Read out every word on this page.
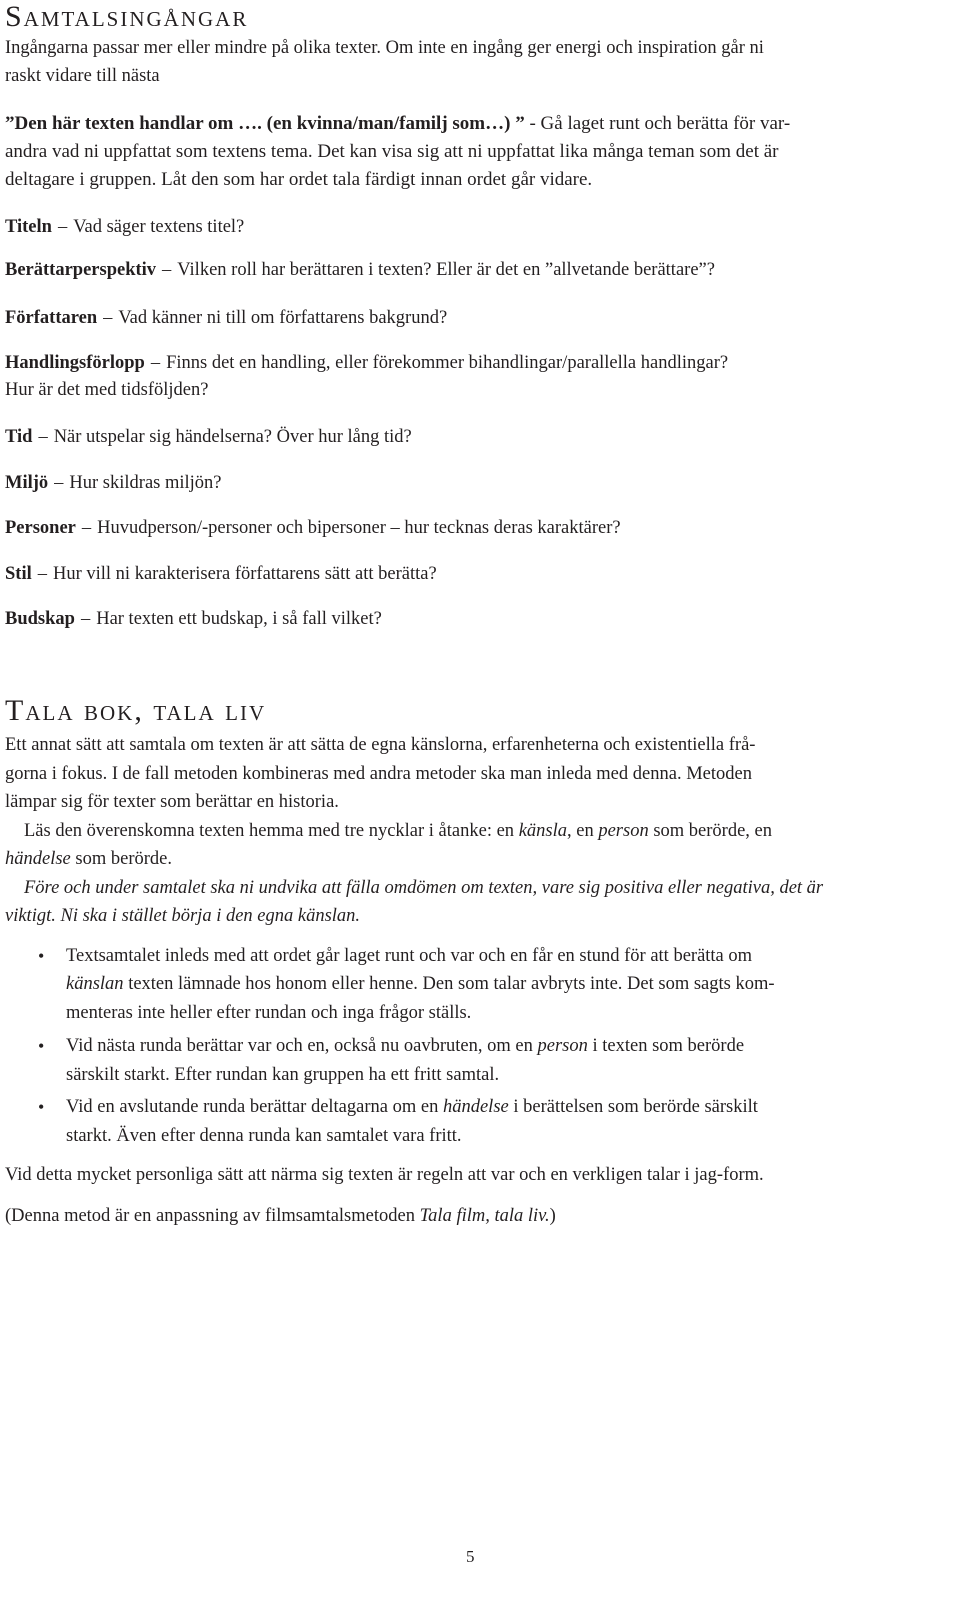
Samtalsingångar

Ingångarna passar mer eller mindre på olika texter. Om inte en ingång ger energi och inspiration går ni

raskt vidare till nästa

”Den här texten handlar om …. (en kvinna/man/familj som…) ” - Gå laget runt och berätta för var-

andra vad ni uppfattat som textens tema. Det kan visa sig att ni uppfattat lika många teman som det är

deltagare i gruppen. Låt den som har ordet tala färdigt innan ordet går vidare.

Titeln – Vad säger textens titel?

Berättarperspektiv – Vilken roll har berättaren i texten? Eller är det en ”allvetande berättare”?

Författaren – Vad känner ni till om författarens bakgrund?

Handlingsförlopp – Finns det en handling, eller förekommer bihandlingar/parallella handlingar?

Hur är det med tidsföljden?

Tid – När utspelar sig händelserna? Över hur lång tid?

Miljö – Hur skildras miljön?

Personer – Huvudperson/-personer och bipersoner – hur tecknas deras karaktärer?

Stil – Hur vill ni karakterisera författarens sätt att berätta?

Budskap – Har texten ett budskap, i så fall vilket?

Tala bok, tala liv

Ett annat sätt att samtala om texten är att sätta de egna känslorna, erfarenheterna och existentiella frå-

gorna i fokus. I de fall metoden kombineras med andra metoder ska man inleda med denna. Metoden

lämpar sig för texter som berättar en historia.

Läs den överenskomna texten hemma med tre nycklar i åtanke: en känsla, en person som berörde, en

händelse som berörde.

Före och under samtalet ska ni undvika att fälla omdömen om texten, vare sig positiva eller negativa, det är

viktigt. Ni ska i stället börja i den egna känslan.

• Textsamtalet inleds med att ordet går laget runt och var och en får en stund för att berätta om

känslan texten lämnade hos honom eller henne. Den som talar avbryts inte. Det som sagts kom-

menteras inte heller efter rundan och inga frågor ställs.

• Vid nästa runda berättar var och en, också nu oavbruten, om en person i texten som berörde

särskilt starkt. Efter rundan kan gruppen ha ett fritt samtal.

• Vid en avslutande runda berättar deltagarna om en händelse i berättelsen som berörde särskilt

starkt. Även efter denna runda kan samtalet vara fritt.

Vid detta mycket personliga sätt att närma sig texten är regeln att var och en verkligen talar i jag-form.

(Denna metod är en anpassning av filmsamtalsmetoden Tala film, tala liv.)

5
